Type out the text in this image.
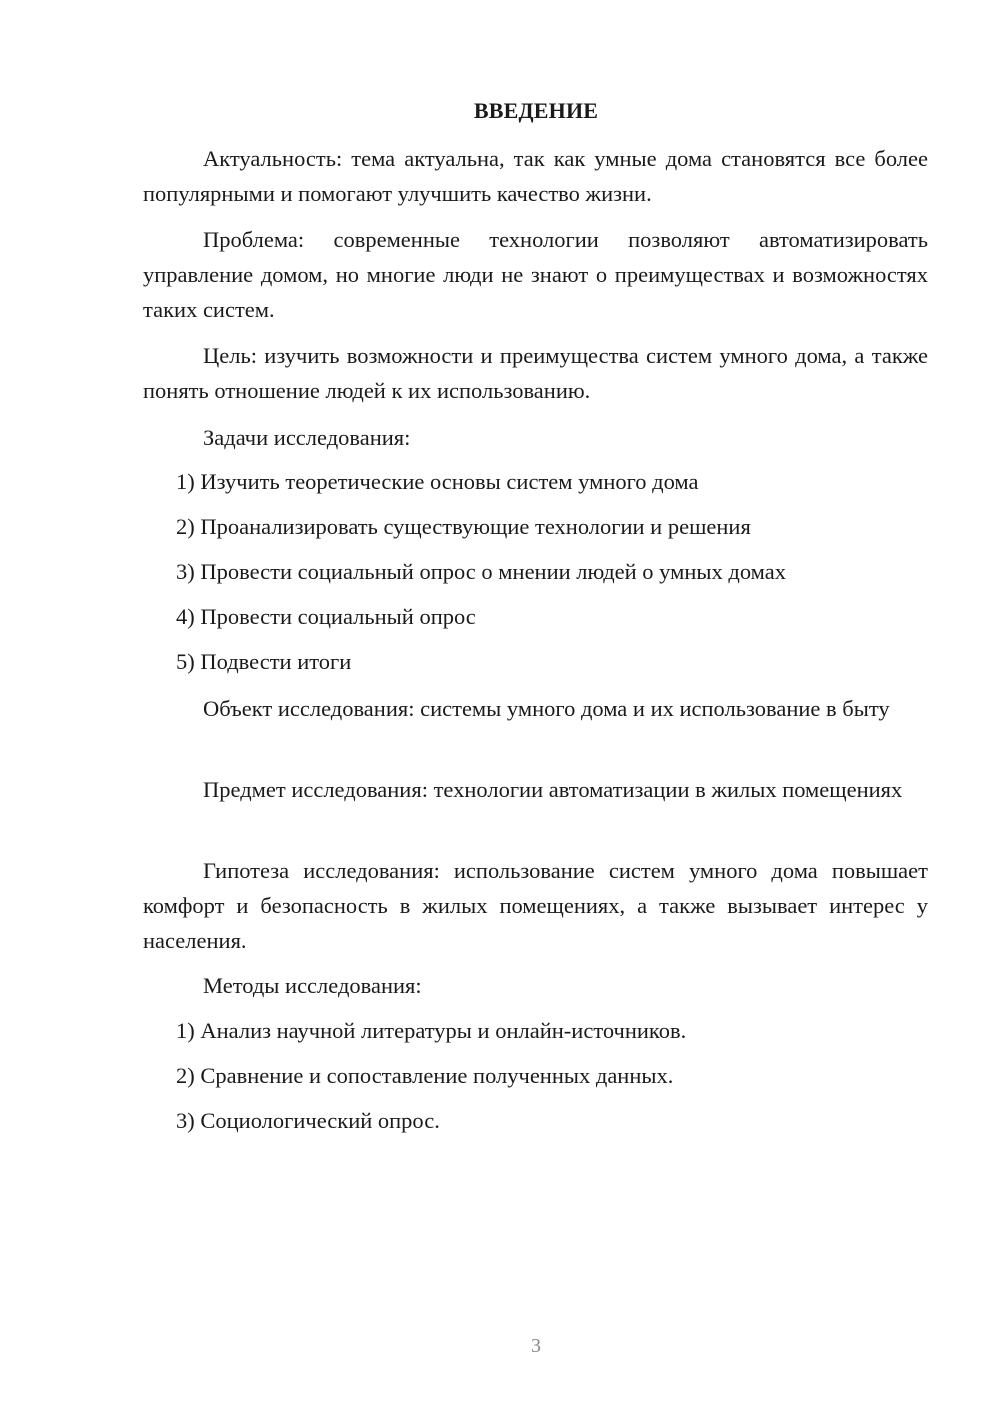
ВВЕДЕНИЕ

Актуальность: тема актуальна, так как умные дома становятся все более популярными и помогают улучшить качество жизни.

Проблема: современные технологии позволяют автоматизировать управление домом, но многие люди не знают о преимуществах и возможностях таких систем.

Цель: изучить возможности и преимущества систем умного дома, а также понять отношение людей к их использованию.

Задачи исследования:
1) Изучить теоретические основы систем умного дома
2) Проанализировать существующие технологии и решения
3) Провести социальный опрос о мнении людей о умных домах
4) Провести социальный опрос
5) Подвести итоги

Объект исследования: системы умного дома и их использование в быту

Предмет исследования: технологии автоматизации в жилых помещениях

Гипотеза исследования: использование систем умного дома повышает комфорт и безопасность в жилых помещениях, а также вызывает интерес у населения.

Методы исследования:
1) Анализ научной литературы и онлайн-источников.
2) Сравнение и сопоставление полученных данных.
3) Социологический опрос.
3
